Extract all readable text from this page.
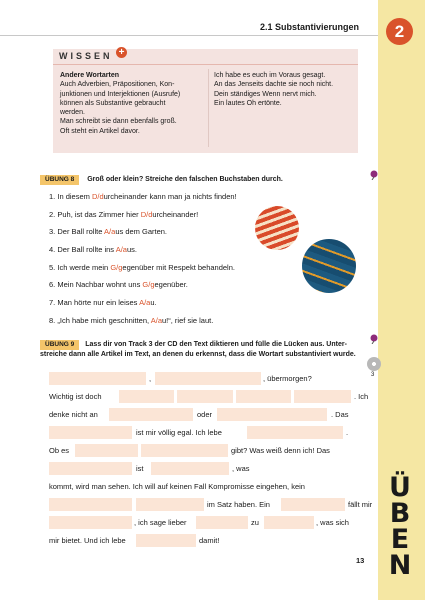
2.1 Substantivierungen	2
Ü
B
E
N
WISSEN +
Andere Wortarten
Auch Adverbien, Präpositionen, Kon-
junktionen und Interjektionen (Ausrufe)
können als Substantive gebraucht
werden.
Man schreibt sie dann ebenfalls groß.
Oft steht ein Artikel davor.
Ich habe es euch im Voraus gesagt.
An das Jenseits dachte sie noch nicht.
Dein ständiges Wenn nervt mich.
Ein lautes Oh ertönte.
ÜBUNG 8 Groß oder klein? Streiche den falschen Buchstaben durch.
1. In diesem D/durcheinander kann man ja nichts finden!
2. Puh, ist das Zimmer hier D/durcheinander!
3. Der Ball rollte A/aus dem Garten.
4. Der Ball rollte ins A/aus.
5. Ich werde mein G/gegenüber mit Respekt behandeln.
6. Mein Nachbar wohnt uns G/gegenüber.
7. Man hörte nur ein leises A/au.
8. „Ich habe mich geschnitten, A/au!“, rief sie laut.
ÜBUNG 9 Lass dir von Track 3 der CD den Text diktieren und fülle die Lücken aus. Unter-
streiche dann alle Artikel im Text, an denen du erkennst, dass die Wortart substantiviert wurde.
3
,	, übermorgen?
Wichtig ist doch	. Ich
denke nicht an	oder	. Das
ist mir völlig egal. Ich lebe	.
Ob es	gibt? Was weiß denn ich! Das
ist	, was
kommt, wird man sehen. Ich will auf keinen Fall Kompromisse eingehen, kein
im Satz haben. Ein	fällt mir
, ich sage lieber	zu	, was sich
mir bietet. Und ich lebe	damit!
13
